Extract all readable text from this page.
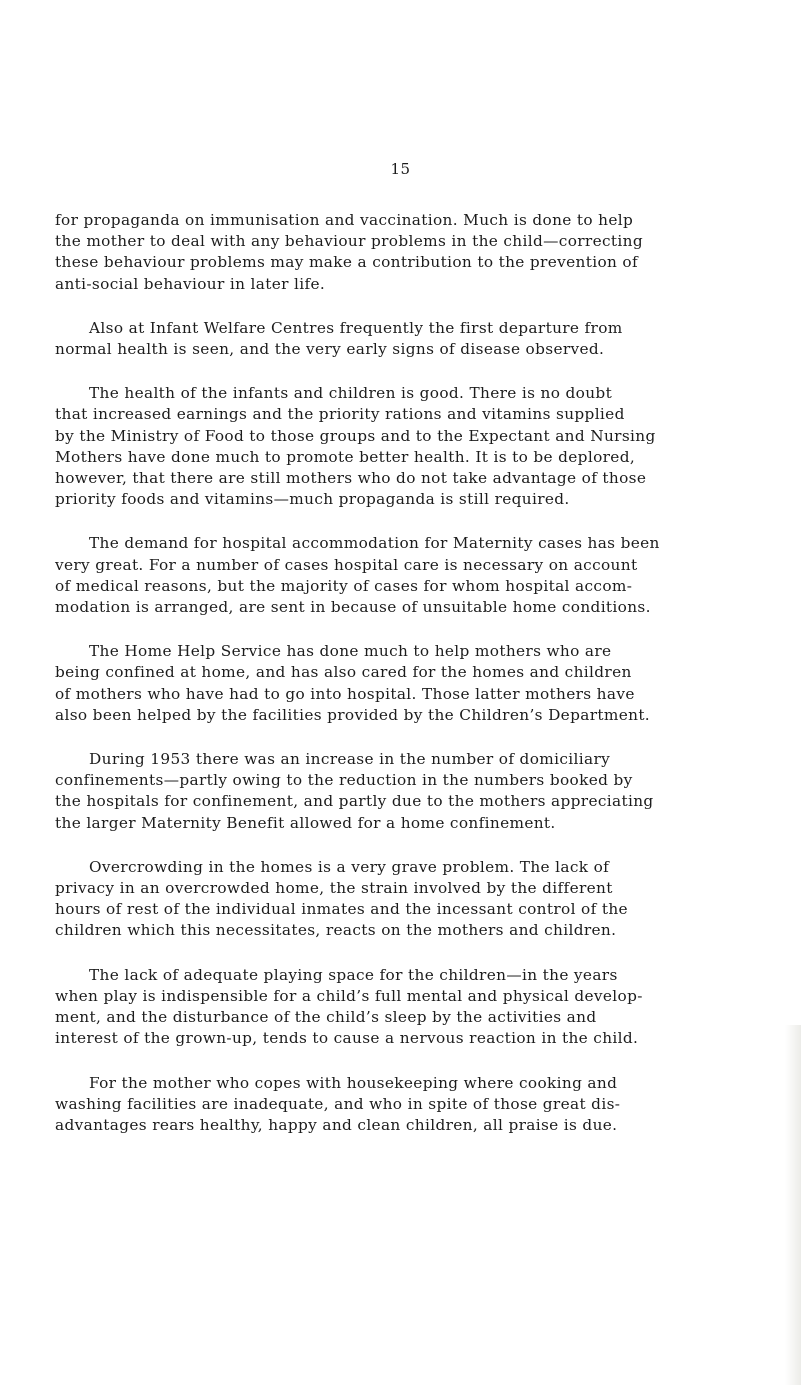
15

for propaganda on immunisation and vaccination. Much is done to help
the mother to deal with any behaviour problems in the child—correcting
these behaviour problems may make a contribution to the prevention of
anti-social behaviour in later life.

Also at Infant Welfare Centres frequently the first departure from
normal health is seen, and the very early signs of disease observed.

The health of the infants and children is good. There is no doubt
that increased earnings and the priority rations and vitamins supplied
by the Ministry of Food to those groups and to the Expectant and Nursing
Mothers have done much to promote better health. It is to be deplored,
however, that there are still mothers who do not take advantage of those
priority foods and vitamins—much propaganda is still required.

The demand for hospital accommodation for Maternity cases has been
very great. For a number of cases hospital care is necessary on account
of medical reasons, but the majority of cases for whom hospital accom-
modation is arranged, are sent in because of unsuitable home conditions.

The Home Help Service has done much to help mothers who are
being confined at home, and has also cared for the homes and children
of mothers who have had to go into hospital. Those latter mothers have
also been helped by the facilities provided by the Children’s Department.

During 1953 there was an increase in the number of domiciliary
confinements—partly owing to the reduction in the numbers booked by
the hospitals for confinement, and partly due to the mothers appreciating
the larger Maternity Benefit allowed for a home confinement.

Overcrowding in the homes is a very grave problem. The lack of
privacy in an overcrowded home, the strain involved by the different
hours of rest of the individual inmates and the incessant control of the
children which this necessitates, reacts on the mothers and children.

The lack of adequate playing space for the children—in the years
when play is indispensible for a child’s full mental and physical develop-
ment, and the disturbance of the child’s sleep by the activities and
interest of the grown-up, tends to cause a nervous reaction in the child.

For the mother who copes with housekeeping where cooking and
washing facilities are inadequate, and who in spite of those great dis-
advantages rears healthy, happy and clean children, all praise is due.
